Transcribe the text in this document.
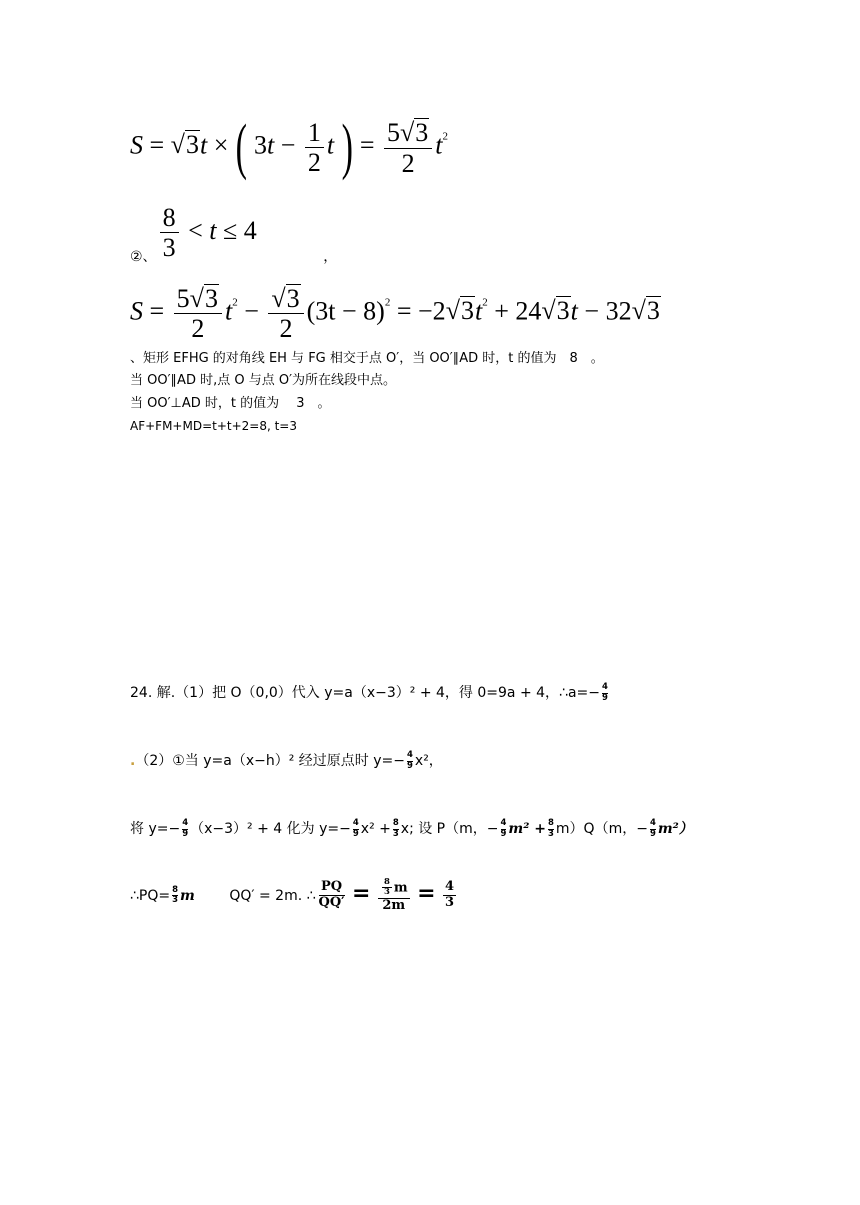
S = √3t × ( $3t - \frac{1}{2}$ t ) = $\frac{5√3}{2} t^2$
$_{②、} \frac{8}{3} < t \le 4$ $_,$
$S = \frac{5√3}{2} t^2 - \frac{√3}{2} (3t - 8)^2 = -2√3t^2 + 24√3t - 32√3$
、矩形 EFHG 的对角线 EH 与 FG 相交于点 O′，当 OO′∥AD 时，t 的值为　8　。
当 OO′∥AD 时,点 O 与点 O′为所在线段中点。
当 OO′⊥AD 时，t 的值为　 3　。
AF+FM+MD=t+t+2=8, t=3
24. 解.（1）把 O（0,0）代入 y=a（x−3）² + 4，得 0=9a + 4，∴a=− $\frac{4}{9}$
.（2）①当 y=a（x−h）² 经过原点时 $y=- \frac{4}{9} x^2$，
将 $y=- \frac{4}{9} (x-3)^2 + 4$ 化为 $y=- \frac{4}{9} x^2 + \frac{8}{3} x$; 设 P（m，− $\frac{4}{9} m^2 + \frac{8}{3} m)Q(m$，− $\frac{4}{9} m^2$）
∴PQ= $\frac{8}{3}$ m QQ′ = 2m. ∴ $\frac{PQ}{QQ'} = \frac{\frac{8}{3} m}{2m} = \frac{4}{3}$
